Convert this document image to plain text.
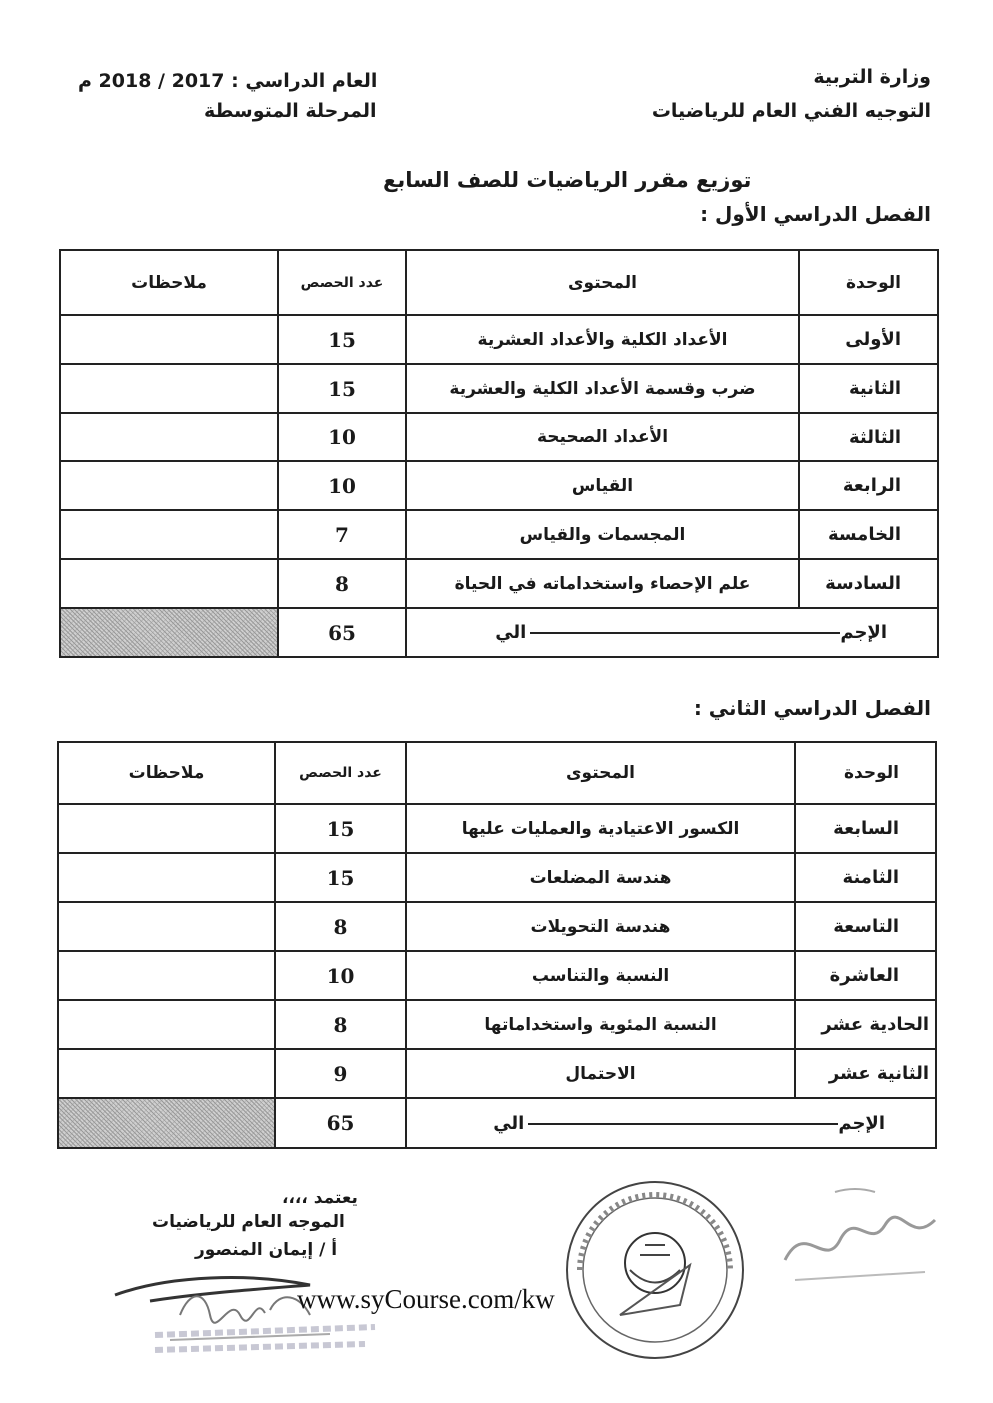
وزارة التربية
التوجيه الفني العام للرياضيات
العام الدراسي : 2017 / 2018 م
المرحلة المتوسطة
توزيع مقرر الرياضيات للصف السابع
الفصل الدراسي الأول :
الوحدة	المحتوى	عدد الحصص	ملاحظات
الأولى	الأعداد الكلية والأعداد العشرية	15	
الثانية	ضرب وقسمة الأعداد الكلية والعشرية	15	
الثالثة	الأعداد الصحيحة	10	
الرابعة	القياس	10	
الخامسة	المجسمات والقياس	7	
السادسة	علم الإحصاء واستخداماته في الحياة	8	
الإجمالي		65	
الفصل الدراسي الثاني :
الوحدة	المحتوى	عدد الحصص	ملاحظات
السابعة	الكسور الاعتيادية والعمليات عليها	15	
الثامنة	هندسة المضلعات	15	
التاسعة	هندسة التحويلات	8	
العاشرة	النسبة والتناسب	10	
الحادية عشر	النسبة المئوية واستخداماتها	8	
الثانية عشر	الاحتمال	9	
الإجمالي		65	
يعتمد ،،،،
الموجه العام للرياضيات
أ / إيمان المنصور
www.syCourse.com/kw
